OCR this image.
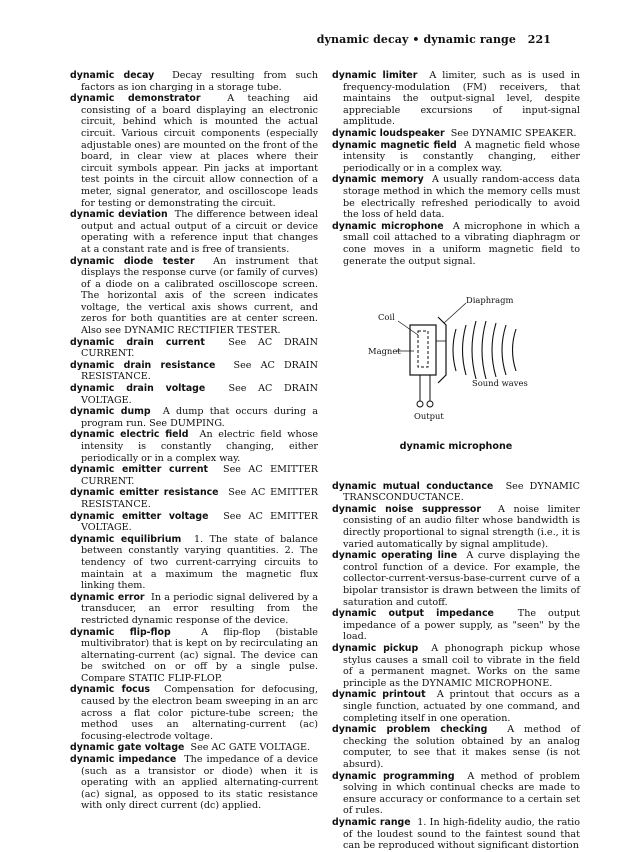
dynamic decay • dynamic range 221

dynamic decay Decay resulting from such factors as ion charging in a storage tube.

dynamic demonstrator	A teaching aid consisting of a board displaying an electronic circuit, behind which is mounted the actual circuit. Various circuit components (especially adjustable ones) are mounted on the front of the board, in clear view at places where their circuit symbols appear. Pin jacks at important test points in the circuit allow connection of a meter, signal generator, and oscilloscope leads for testing or demonstrating the circuit.

dynamic deviation The difference between ideal output and actual output of a circuit or device operating with a reference input that changes at a constant rate and is free of transients.

dynamic diode tester An instrument that displays the response curve (or family of curves) of a diode on a calibrated oscilloscope screen. The horizontal axis of the screen indicates voltage, the vertical axis shows current, and zeros for both quantities are at center screen. Also see DYNAMIC RECTIFIER TESTER.

dynamic drain current See AC DRAIN CURRENT.

dynamic drain resistance See AC DRAIN RESISTANCE.

dynamic drain voltage See AC DRAIN VOLTAGE.

dynamic dump A dump that occurs during a program run. See DUMPING.

dynamic electric field An electric field whose intensity is constantly changing, either periodically or in a complex way.

dynamic emitter current See AC EMITTER CURRENT.

dynamic emitter resistance See AC EMITTER RESISTANCE.

dynamic emitter voltage See AC EMITTER VOLTAGE.

dynamic equilibrium 1. The state of balance between constantly varying quantities. 2. The tendency of two current-carrying circuits to maintain at a maximum the magnetic flux linking them.

dynamic error In a periodic signal delivered by a transducer, an error resulting from the restricted dynamic response of the device.

dynamic flip-flop	A flip-flop (bistable multivibrator) that is kept on by recirculating an alternating-current (ac) signal. The device can be switched on or off by a single pulse. Compare STATIC FLIP-FLOP.

dynamic focus Compensation for defocusing, caused by the electron beam sweeping in an arc across a flat color picture-tube screen; the method uses an alternating-current (ac) focusing-electrode voltage.

dynamic gate voltage See AC GATE VOLTAGE.

dynamic impedance The impedance of a device (such as a transistor or diode) when it is operating with an applied alternating-current (ac) signal, as opposed to its static resistance with only direct current (dc) applied.

dynamic limiter A limiter, such as is used in frequency-modulation (FM) receivers, that maintains the output-signal level, despite appreciable excursions of input-signal amplitude.

dynamic loudspeaker See DYNAMIC SPEAKER.

dynamic magnetic field A magnetic field whose intensity is constantly changing, either periodically or in a complex way.

dynamic memory A usually random-access data storage method in which the memory cells must be electrically refreshed periodically to avoid the loss of held data.

dynamic microphone A microphone in which a small coil attached to a vibrating diaphragm or cone moves in a uniform magnetic field to generate the output signal.

Coil
Magnet
Diaphragm
Sound waves
Output

dynamic microphone

dynamic mutual conductance See DYNAMIC TRANSCONDUCTANCE.

dynamic noise suppressor A noise limiter consisting of an audio filter whose bandwidth is directly proportional to signal strength (i.e., it is varied automatically by signal amplitude).

dynamic operating line A curve displaying the control function of a device. For example, the collector-current-versus-base-current curve of a bipolar transistor is drawn between the limits of saturation and cutoff.

dynamic output impedance The output impedance of a power supply, as "seen" by the load.

dynamic pickup A phonograph pickup whose stylus causes a small coil to vibrate in the field of a permanent magnet. Works on the same principle as the DYNAMIC MICROPHONE.

dynamic printout A printout that occurs as a single function, actuated by one command, and completing itself in one operation.

dynamic problem checking A method of checking the solution obtained by an analog computer, to see that it makes sense (is not absurd).

dynamic programming A method of problem solving in which continual checks are made to ensure accuracy or conformance to a certain set of rules.

dynamic range 1. In high-fidelity audio, the ratio of the loudest sound to the faintest sound that can be reproduced without significant distortion
